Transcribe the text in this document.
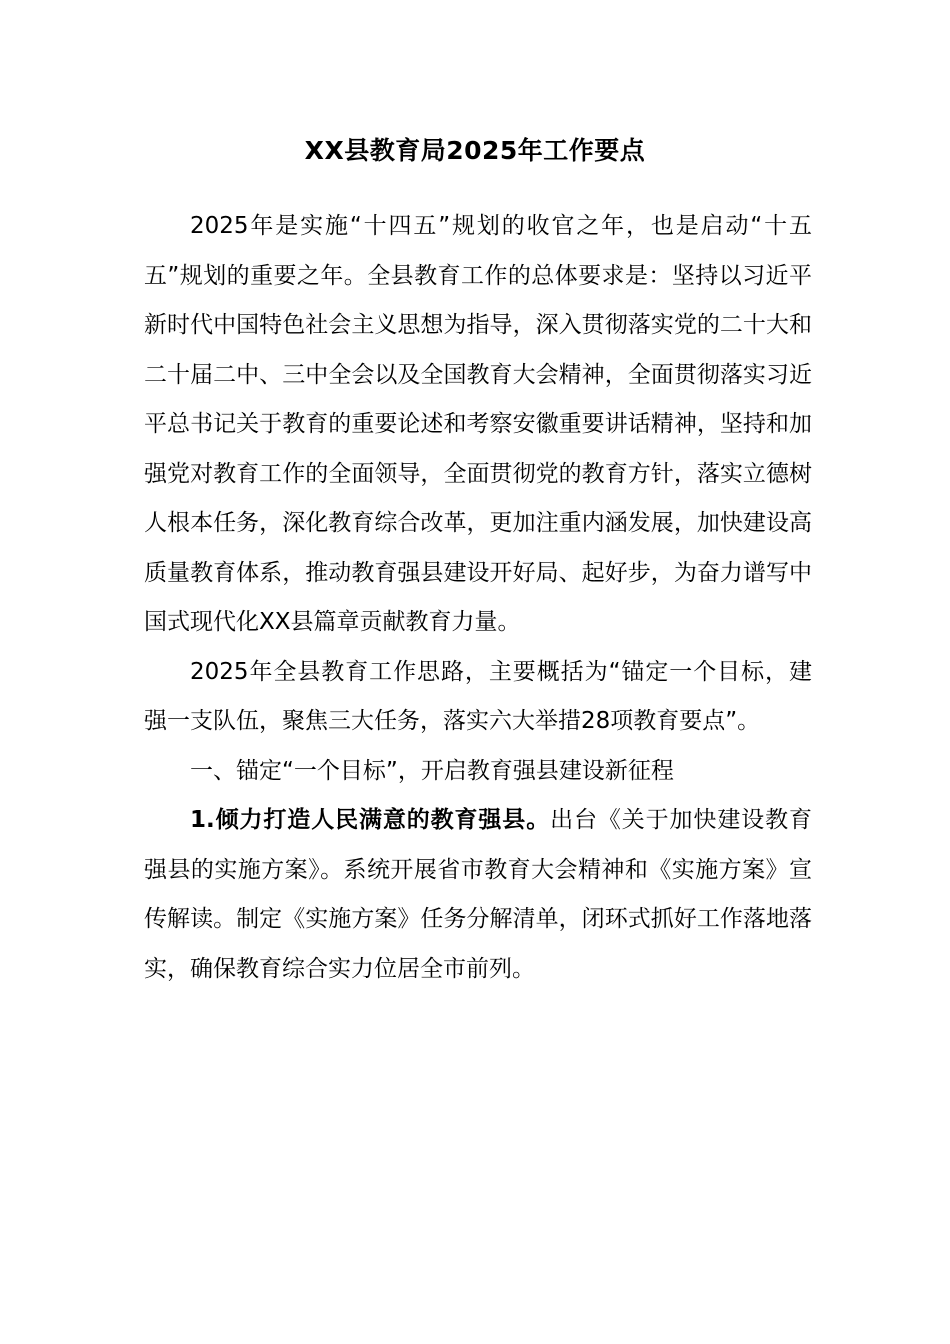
XX县教育局2025年工作要点

2025年是实施“十四五”规划的收官之年，也是启动“十五五”规划的重要之年。全县教育工作的总体要求是：坚持以习近平新时代中国特色社会主义思想为指导，深入贯彻落实党的二十大和二十届二中、三中全会以及全国教育大会精神，全面贯彻落实习近平总书记关于教育的重要论述和考察安徽重要讲话精神，坚持和加强党对教育工作的全面领导，全面贯彻党的教育方针，落实立德树人根本任务，深化教育综合改革，更加注重内涵发展，加快建设高质量教育体系，推动教育强县建设开好局、起好步，为奋力谱写中国式现代化XX县篇章贡献教育力量。

2025年全县教育工作思路，主要概括为“锚定一个目标，建强一支队伍，聚焦三大任务，落实六大举措28项教育要点”。

一、锚定“一个目标”，开启教育强县建设新征程

1.倾力打造人民满意的教育强县。出台《关于加快建设教育强县的实施方案》。系统开展省市教育大会精神和《实施方案》宣传解读。制定《实施方案》任务分解清单，闭环式抓好工作落地落实，确保教育综合实力位居全市前列。
